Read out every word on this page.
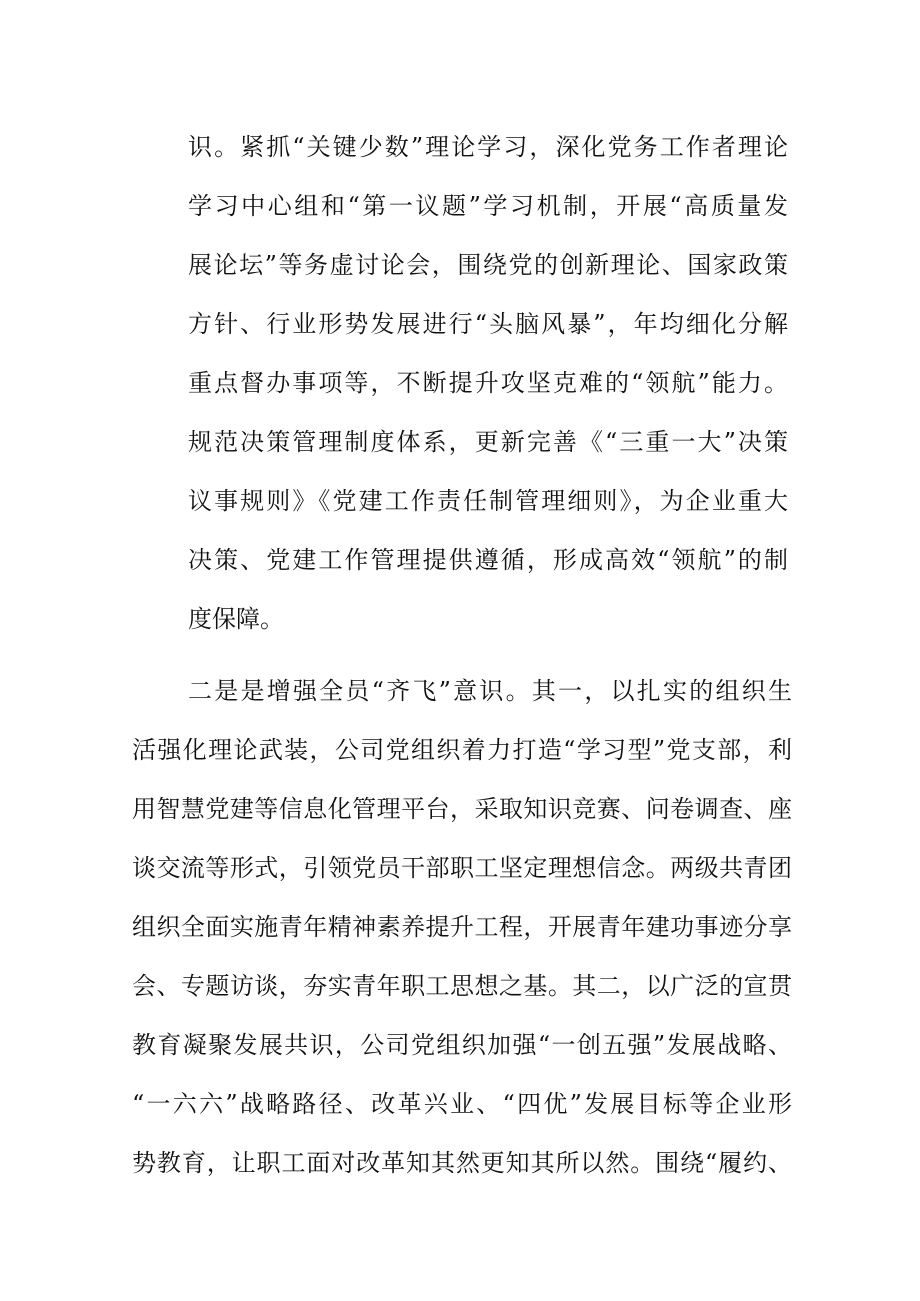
识。紧抓“关键少数”理论学习，深化党务工作者理论
学习中心组和“第一议题”学习机制，开展“高质量发
展论坛”等务虚讨论会，围绕党的创新理论、国家政策
方针、行业形势发展进行“头脑风暴”，年均细化分解
重点督办事项等，不断提升攻坚克难的“领航”能力。
规范决策管理制度体系，更新完善《“三重一大”决策
议事规则》《党建工作责任制管理细则》，为企业重大
决策、党建工作管理提供遵循，形成高效“领航”的制
度保障。
二是是增强全员“齐飞”意识。其一，以扎实的组织生
活强化理论武装，公司党组织着力打造“学习型”党支部，利
用智慧党建等信息化管理平台，采取知识竞赛、问卷调查、座
谈交流等形式，引领党员干部职工坚定理想信念。两级共青团
组织全面实施青年精神素养提升工程，开展青年建功事迹分享
会、专题访谈，夯实青年职工思想之基。其二，以广泛的宣贯
教育凝聚发展共识，公司党组织加强“一创五强”发展战略、
“一六六”战略路径、改革兴业、“四优”发展目标等企业形
势教育，让职工面对改革知其然更知其所以然。围绕“履约、
